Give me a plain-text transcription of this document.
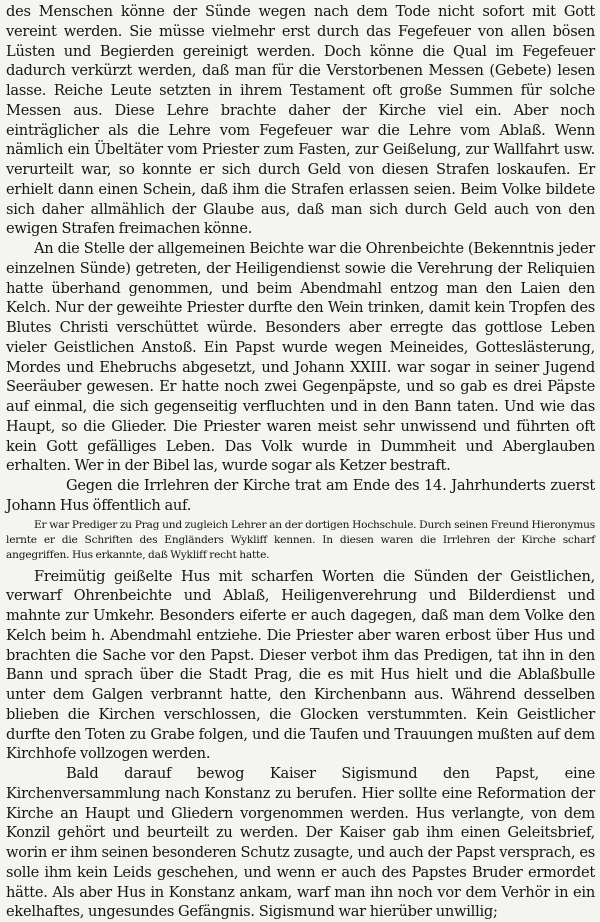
des Menschen könne der Sünde wegen nach dem Tode nicht sofort mit Gott vereint werden. Sie müsse vielmehr erst durch das Fegefeuer von allen bösen Lüsten und Begierden gereinigt werden. Doch könne die Qual im Fegefeuer dadurch verkürzt werden, daß man für die Verstorbenen Messen (Gebete) lesen lasse. Reiche Leute setzten in ihrem Testament oft große Summen für solche Messen aus. Diese Lehre brachte daher der Kirche viel ein. Aber noch einträglicher als die Lehre vom Fegefeuer war die Lehre vom Ablaß. Wenn nämlich ein Übeltäter vom Priester zum Fasten, zur Geißelung, zur Wallfahrt usw. verurteilt war, so konnte er sich durch Geld von diesen Strafen loskaufen. Er erhielt dann einen Schein, daß ihm die Strafen erlassen seien. Beim Volke bildete sich daher allmählich der Glaube aus, daß man sich durch Geld auch von den ewigen Strafen freimachen könne.

An die Stelle der allgemeinen Beichte war die Ohrenbeichte (Bekenntnis jeder einzelnen Sünde) getreten, der Heiligendienst sowie die Verehrung der Reliquien hatte überhand genommen, und beim Abendmahl entzog man den Laien den Kelch. Nur der geweihte Priester durfte den Wein trinken, damit kein Tropfen des Blutes Christi verschüttet würde. Besonders aber erregte das gottlose Leben vieler Geistlichen Anstoß. Ein Papst wurde wegen Meineides, Gotteslästerung, Mordes und Ehebruchs abgesetzt, und Johann XXIII. war sogar in seiner Jugend Seeräuber gewesen. Er hatte noch zwei Gegenpäpste, und so gab es drei Päpste auf einmal, die sich gegenseitig verfluchten und in den Bann taten. Und wie das Haupt, so die Glieder. Die Priester waren meist sehr unwissend und führten oft kein Gott gefälliges Leben. Das Volk wurde in Dummheit und Aberglauben erhalten. Wer in der Bibel las, wurde sogar als Ketzer bestraft.

Gegen die Irrlehren der Kirche trat am Ende des 14. Jahrhunderts zuerst Johann Hus öffentlich auf.

Er war Prediger zu Prag und zugleich Lehrer an der dortigen Hochschule. Durch seinen Freund Hieronymus lernte er die Schriften des Engländers Wykliff kennen. In diesen waren die Irrlehren der Kirche scharf angegriffen. Hus erkannte, daß Wykliff recht hatte.

Freimütig geißelte Hus mit scharfen Worten die Sünden der Geistlichen, verwarf Ohrenbeichte und Ablaß, Heiligenverehrung und Bilderdienst und mahnte zur Umkehr. Besonders eiferte er auch dagegen, daß man dem Volke den Kelch beim h. Abendmahl entziehe. Die Priester aber waren erbost über Hus und brachten die Sache vor den Papst. Dieser verbot ihm das Predigen, tat ihn in den Bann und sprach über die Stadt Prag, die es mit Hus hielt und die Ablaßbulle unter dem Galgen verbrannt hatte, den Kirchenbann aus. Während desselben blieben die Kirchen verschlossen, die Glocken verstummten. Kein Geistlicher durfte den Toten zu Grabe folgen, und die Taufen und Trauungen mußten auf dem Kirchhofe vollzogen werden.

Bald darauf bewog Kaiser Sigismund den Papst, eine Kirchenversammlung nach Konstanz zu berufen. Hier sollte eine Reformation der Kirche an Haupt und Gliedern vorgenommen werden. Hus verlangte, von dem Konzil gehört und beurteilt zu werden. Der Kaiser gab ihm einen Geleitsbrief, worin er ihm seinen besonderen Schutz zusagte, und auch der Papst versprach, es solle ihm kein Leids geschehen, und wenn er auch des Papstes Bruder ermordet hätte. Als aber Hus in Konstanz ankam, warf man ihn noch vor dem Verhör in ein ekelhaftes, ungesundes Gefängnis. Sigismund war hierüber unwillig;
